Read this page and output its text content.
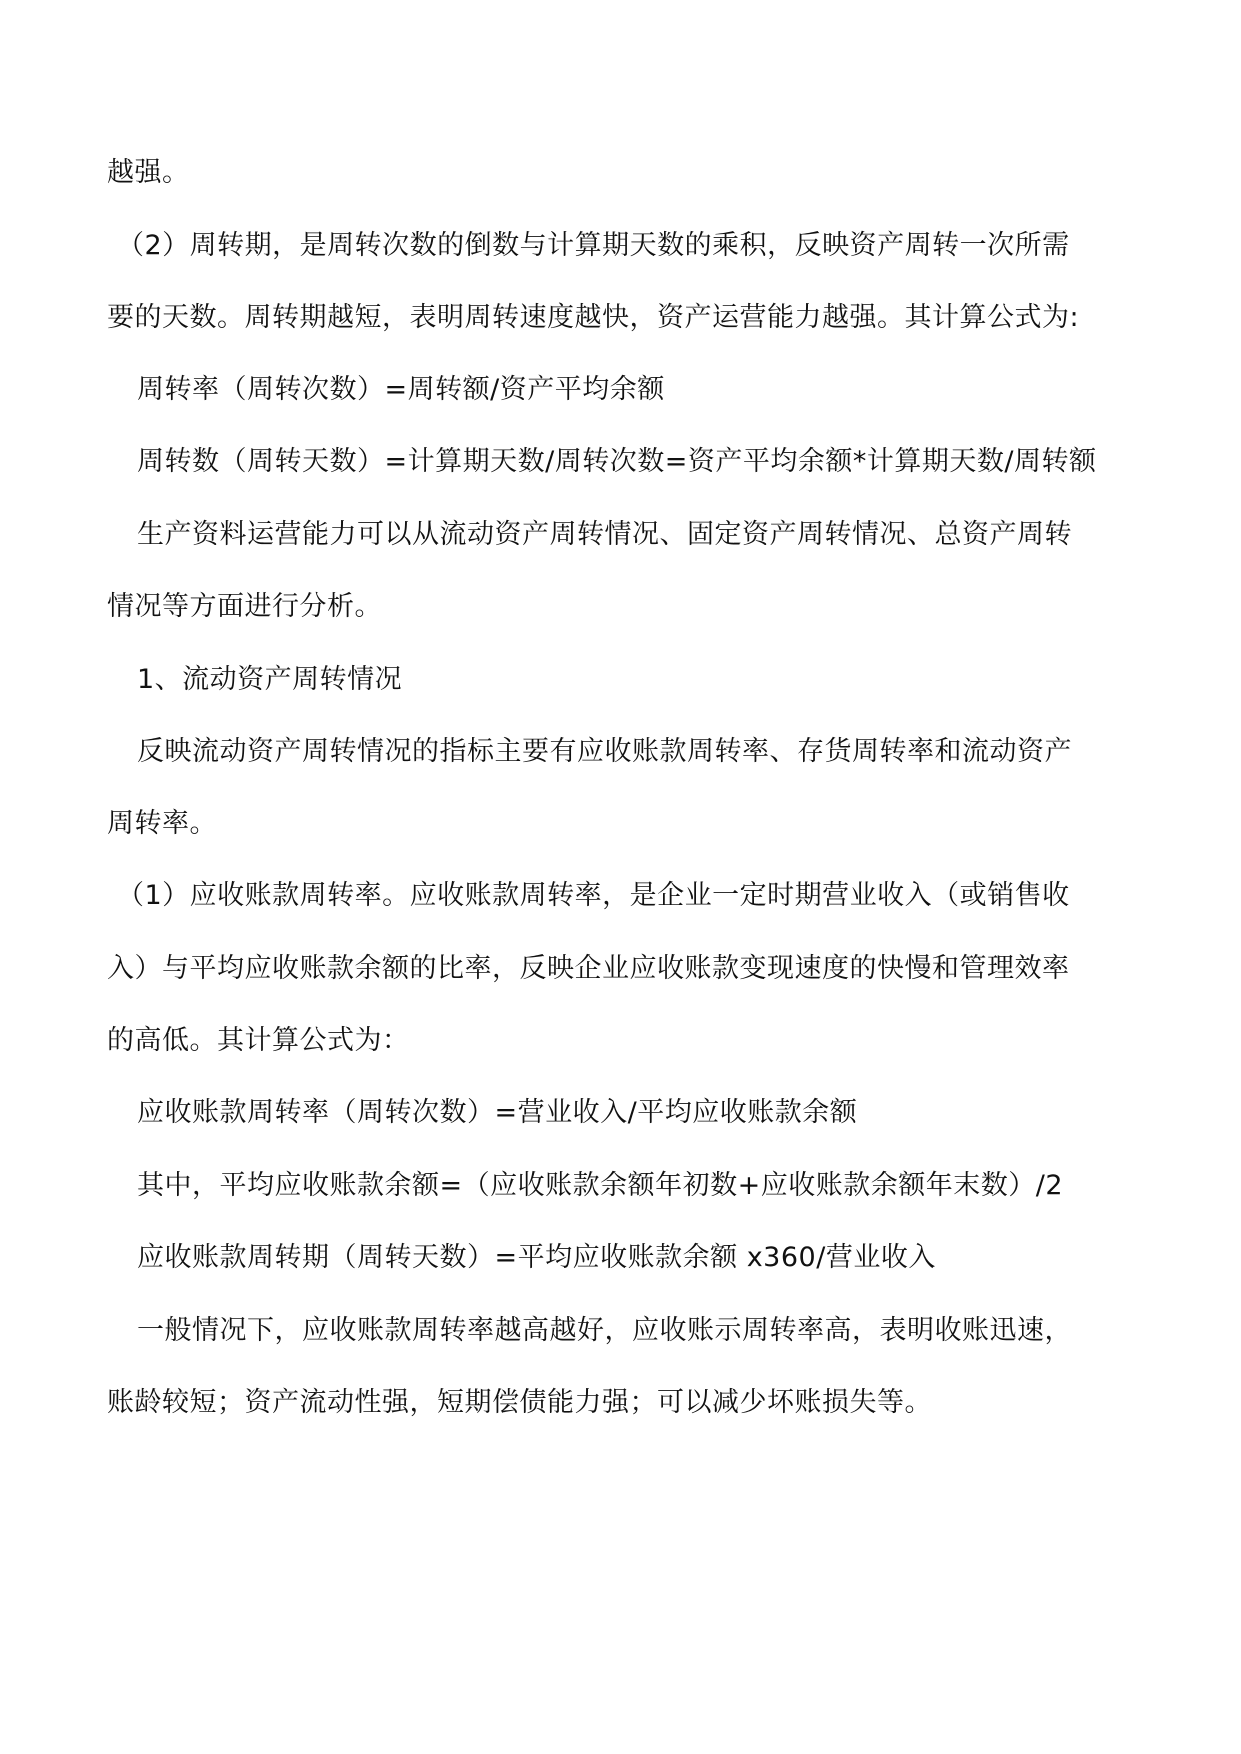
越强。
（2）周转期，是周转次数的倒数与计算期天数的乘积，反映资产周转一次所需
要的天数。周转期越短，表明周转速度越快，资产运营能力越强。其计算公式为:
周转率（周转次数）=周转额/资产平均余额
周转数（周转天数）=计算期天数/周转次数=资产平均余额*计算期天数/周转额
生产资料运营能力可以从流动资产周转情况、固定资产周转情况、总资产周转
情况等方面进行分析。
1、流动资产周转情况
反映流动资产周转情况的指标主要有应收账款周转率、存货周转率和流动资产
周转率。
（1）应收账款周转率。应收账款周转率，是企业一定时期营业收入（或销售收
入）与平均应收账款余额的比率，反映企业应收账款变现速度的快慢和管理效率
的高低。其计算公式为：
应收账款周转率（周转次数）=营业收入/平均应收账款余额
其中，平均应收账款余额=（应收账款余额年初数+应收账款余额年末数）/2
应收账款周转期（周转天数）=平均应收账款余额 x360/营业收入
一般情况下，应收账款周转率越高越好，应收账示周转率高，表明收账迅速，
账龄较短；资产流动性强，短期偿债能力强；可以减少坏账损失等。
